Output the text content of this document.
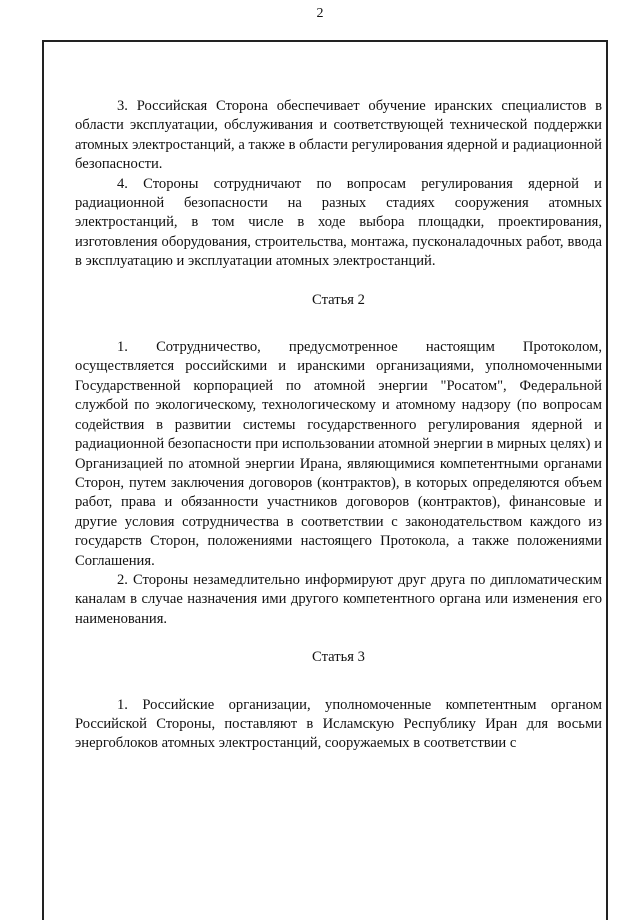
2

3. Российская Сторона обеспечивает обучение иранских специалистов в области эксплуатации, обслуживания и соответствующей технической поддержки атомных электростанций, а также в области регулирования ядерной и радиационной безопасности.

4. Стороны сотрудничают по вопросам регулирования ядерной и радиационной безопасности на разных стадиях сооружения атомных электростанций, в том числе в ходе выбора площадки, проектирования, изготовления оборудования, строительства, монтажа, пусконаладочных работ, ввода в эксплуатацию и эксплуатации атомных электростанций.

Статья 2

1. Сотрудничество, предусмотренное настоящим Протоколом, осуществляется российскими и иранскими организациями, уполномоченными Государственной корпорацией по атомной энергии "Росатом", Федеральной службой по экологическому, технологическому и атомному надзору (по вопросам содействия в развитии системы государственного регулирования ядерной и радиационной безопасности при использовании атомной энергии в мирных целях) и Организацией по атомной энергии Ирана, являющимися компетентными органами Сторон, путем заключения договоров (контрактов), в которых определяются объем работ, права и обязанности участников договоров (контрактов), финансовые и другие условия сотрудничества в соответствии с законодательством каждого из государств Сторон, положениями настоящего Протокола, а также положениями Соглашения.

2. Стороны незамедлительно информируют друг друга по дипломатическим каналам в случае назначения ими другого компетентного органа или изменения его наименования.

Статья 3

1. Российские организации, уполномоченные компетентным органом Российской Стороны, поставляют в Исламскую Республику Иран для восьми энергоблоков атомных электростанций, сооружаемых в соответствии с
